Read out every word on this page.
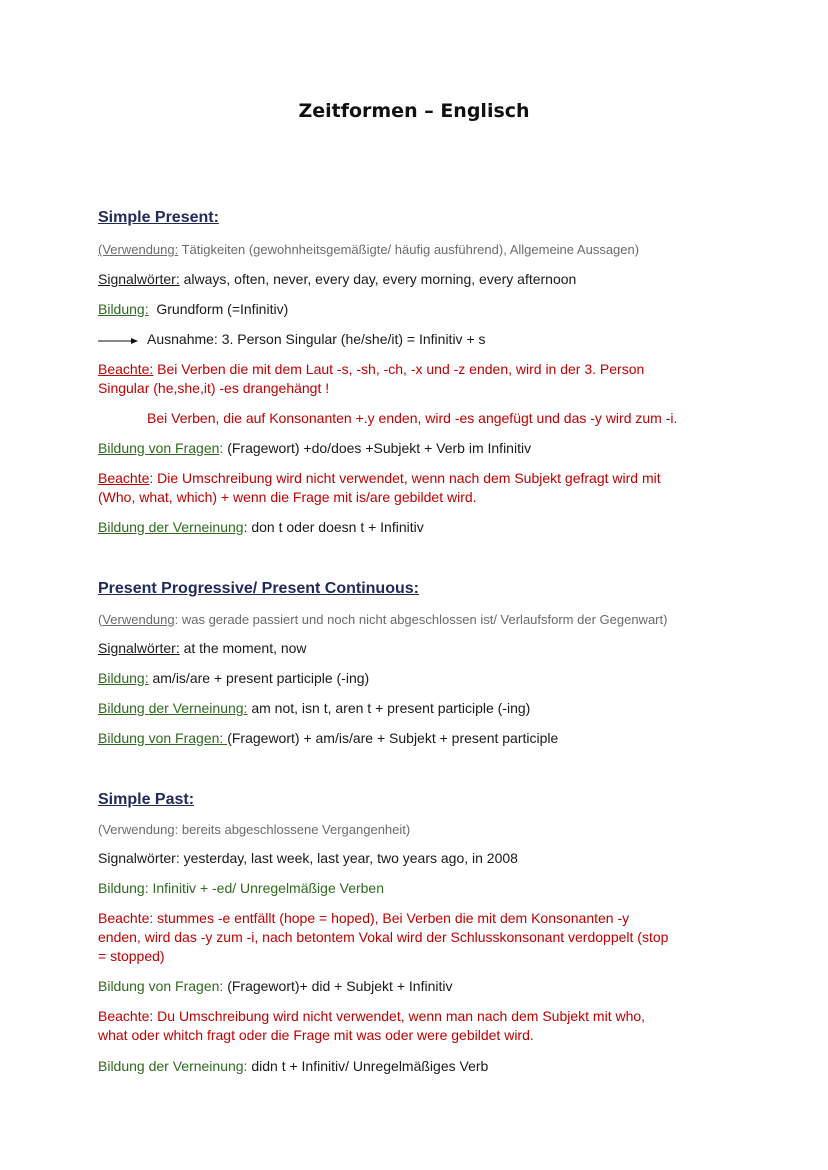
Zeitformen – Englisch
Simple Present:
(Verwendung: Tätigkeiten (gewohnheitsgemäßigte/ häufig ausführend), Allgemeine Aussagen)
Signalwörter: always, often, never, every day, every morning, every afternoon
Bildung:  Grundform (=Infinitiv)
Ausnahme: 3. Person Singular (he/she/it) = Infinitiv + s
Beachte: Bei Verben die mit dem Laut -s, -sh, -ch, -x und -z enden, wird in der 3. Person
Singular (he,she,it) -es drangehängt !
Bei Verben, die auf Konsonanten +.y enden, wird -es angefügt und das -y wird zum -i.
Bildung von Fragen: (Fragewort) +do/does +Subjekt + Verb im Infinitiv
Beachte: Die Umschreibung wird nicht verwendet, wenn nach dem Subjekt gefragt wird mit
(Who, what, which) + wenn die Frage mit is/are gebildet wird.
Bildung der Verneinung: don t oder doesn t + Infinitiv
Present Progressive/ Present Continuous:
(Verwendung: was gerade passiert und noch nicht abgeschlossen ist/ Verlaufsform der Gegenwart)
Signalwörter: at the moment, now
Bildung: am/is/are + present participle (-ing)
Bildung der Verneinung: am not, isn t, aren t + present participle (-ing)
Bildung von Fragen: (Fragewort) + am/is/are + Subjekt + present participle
Simple Past:
(Verwendung: bereits abgeschlossene Vergangenheit)
Signalwörter: yesterday, last week, last year, two years ago, in 2008
Bildung: Infinitiv + -ed/ Unregelmäßige Verben
Beachte: stummes -e entfällt (hope = hoped), Bei Verben die mit dem Konsonanten -y
enden, wird das -y zum -i, nach betontem Vokal wird der Schlusskonsonant verdoppelt (stop
= stopped)
Bildung von Fragen: (Fragewort)+ did + Subjekt + Infinitiv
Beachte: Du Umschreibung wird nicht verwendet, wenn man nach dem Subjekt mit who,
what oder whitch fragt oder die Frage mit was oder were gebildet wird.
Bildung der Verneinung: didn t + Infinitiv/ Unregelmäßiges Verb
